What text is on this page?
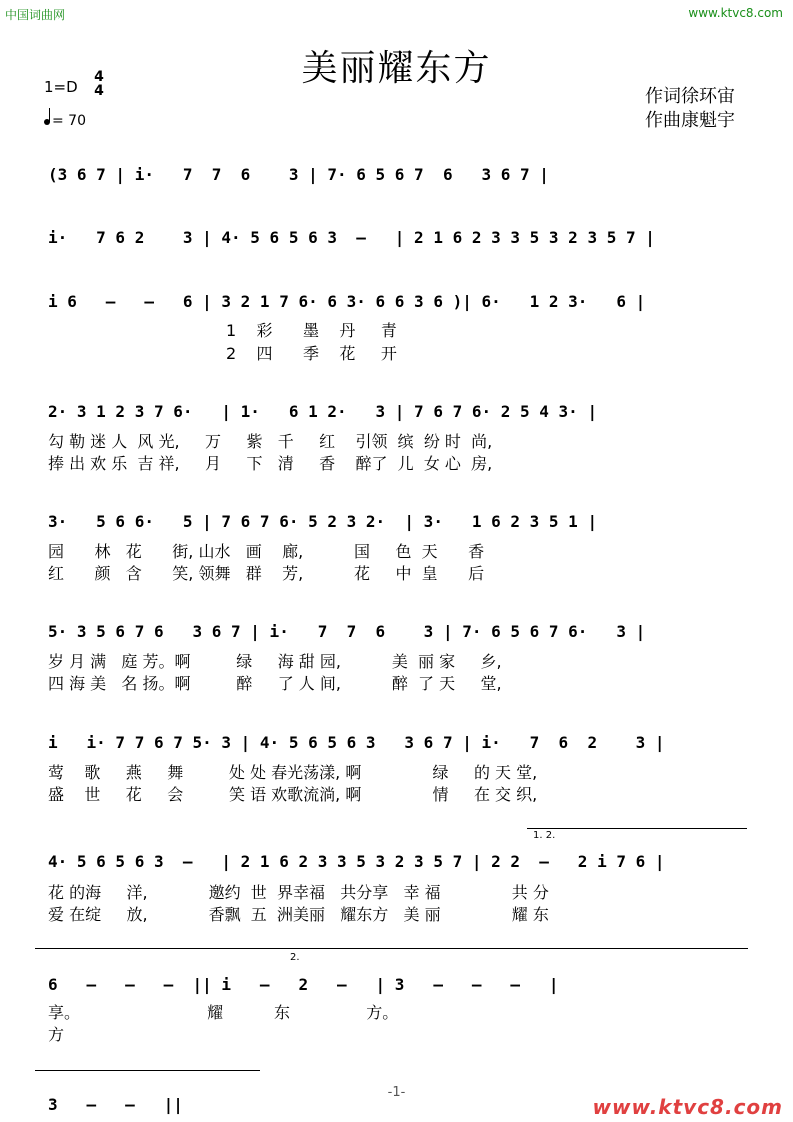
中国词曲网	www.ktvc8.com
美丽耀东方
1=D
4
4
= 70
作词徐环宙
作曲康魁宇
(3 6 7 | i·   7  7  6    3 | 7· 6 5 6 7  6   3 6 7 |
i·   7 6 2    3 | 4· 5 6 5 6 3  –   | 2 1 6 2 3 3 5 3 2 3 5 7 |
i 6   –   –   6 | 3 2 1 7 6· 6 3· 6 6 3 6 )| 6·   1 2 3·   6 |
1    彩      墨    丹     青
2    四      季    花     开
2· 3 1 2 3 7 6·   | 1·   6 1 2·   3 | 7 6 7 6· 2 5 4 3· |
勾 勒 迷 人  风 光,     万     紫   千     红    引领  缤  纷 时  尚,
捧 出 欢 乐  吉 祥,     月     下   清     香    醉了  儿  女 心  房,
3·   5 6 6·   5 | 7 6 7 6· 5 2 3 2·  | 3·   1 6 2 3 5 1 |
园      林   花      街, 山水   画    廊,          国     色  天      香
红      颜   含      笑, 领舞   群    芳,          花     中  皇      后
5· 3 5 6 7 6   3 6 7 | i·   7  7  6    3 | 7· 6 5 6 7 6·   3 |
岁 月 满   庭 芳。啊         绿     海 甜 园,          美  丽 家     乡,
四 海 美   名 扬。啊         醉     了 人 间,          醉  了 天     堂,
i   i· 7 7 6 7 5· 3 | 4· 5 6 5 6 3   3 6 7 | i·   7  6  2    3 |
莺    歌     燕     舞         处 处 春光荡漾, 啊              绿     的 天 堂,
盛    世     花     会         笑 语 欢歌流淌, 啊              情     在 交 织,
1. 2.
4· 5 6 5 6 3  –   | 2 1 6 2 3 3 5 3 2 3 5 7 | 2 2  –   2 i 7 6 |
花 的海     洋,            邀约  世  界幸福   共分享   幸 福              共 分
爱 在绽     放,            香飘  五  洲美丽   耀东方   美 丽              耀 东
2.
6   –   –   –  || i   –   2   –   | 3   –   –   –   |
享。                         耀          东               方。
方
3   –   –   ||
-1-
www.ktvc8.com
